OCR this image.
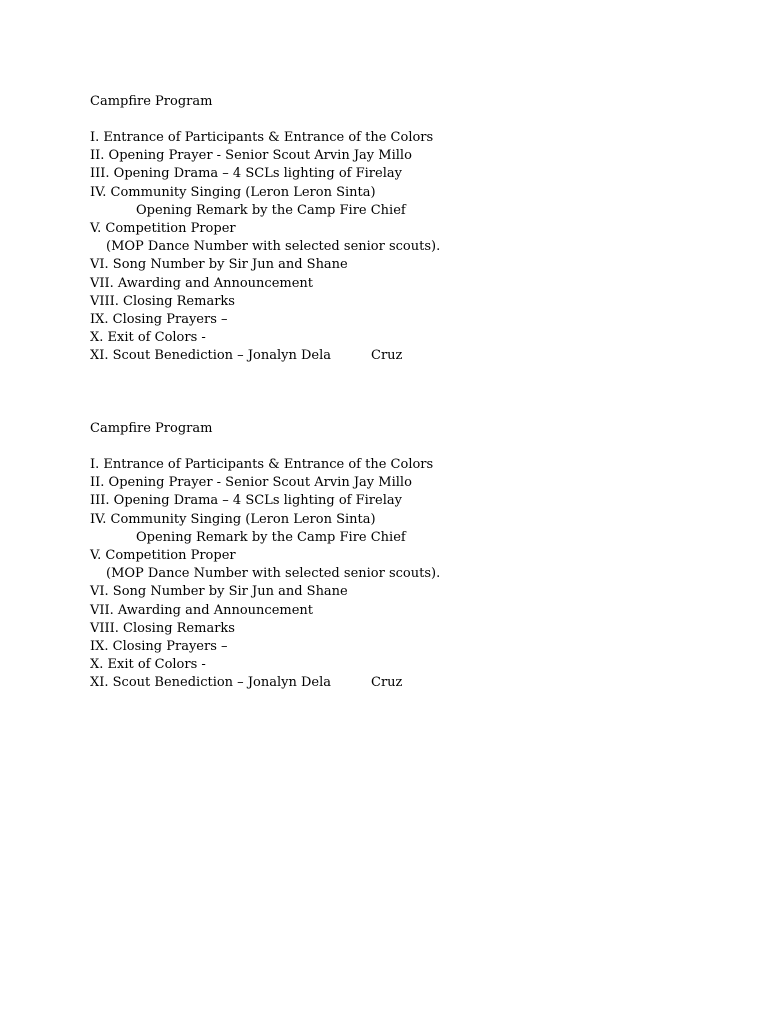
Campfire Program
I. Entrance of Participants & Entrance of the Colors
II. Opening Prayer - Senior Scout Arvin Jay Millo
III. Opening Drama – 4 SCLs lighting of Firelay
IV. Community Singing (Leron Leron Sinta)
Opening Remark by the Camp Fire Chief
V. Competition Proper
(MOP Dance Number with selected senior scouts).
VI. Song Number by Sir Jun and Shane
VII. Awarding and Announcement
VIII. Closing Remarks
IX. Closing Prayers –
X. Exit of Colors -
XI. Scout Benediction – Jonalyn Dela	Cruz
Campfire Program
I. Entrance of Participants & Entrance of the Colors
II. Opening Prayer - Senior Scout Arvin Jay Millo
III. Opening Drama – 4 SCLs lighting of Firelay
IV. Community Singing (Leron Leron Sinta)
Opening Remark by the Camp Fire Chief
V. Competition Proper
(MOP Dance Number with selected senior scouts).
VI. Song Number by Sir Jun and Shane
VII. Awarding and Announcement
VIII. Closing Remarks
IX. Closing Prayers –
X. Exit of Colors -
XI. Scout Benediction – Jonalyn Dela	Cruz
